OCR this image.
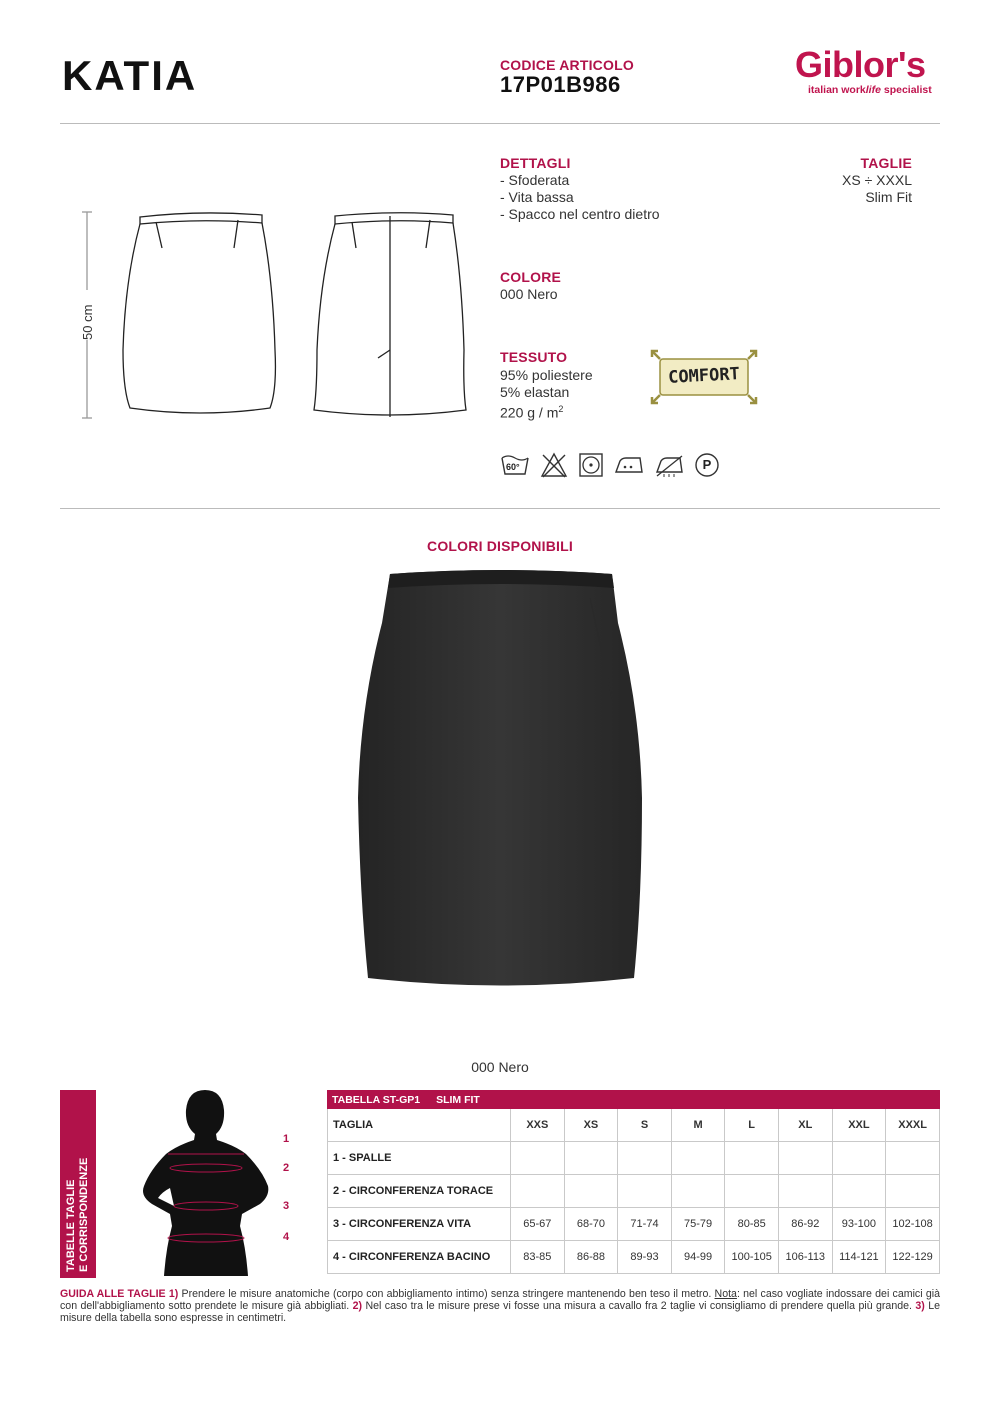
KATIA	CODICE ARTICOLO
17P01B986	Giblor's
italian worklife specialist
50 cm
DETTAGLI
- Sfoderata
- Vita bassa
- Spacco nel centro dietro
TAGLIE
XS ÷ XXXL
Slim Fit
COLORE
000 Nero
TESSUTO
95% poliestere
5% elastan
220 g / $m^2$
COMFORT
60°	P
COLORI DISPONIBILI
000 Nero
TABELLE TAGLIE E CORRISPONDENZE
1
2
3
4
TABELLA ST-GP1 SLIM FIT								
TAGLIA	XXS	XS	S	M	L	XL	XXL	XXXL
1 - SPALLE								
2 - CIRCONFERENZA TORACE								
3 - CIRCONFERENZA VITA	65-67	68-70	71-74	75-79	80-85	86-92	93-100	102-108
4 - CIRCONFERENZA BACINO	83-85	86-88	89-93	94-99	100-105	106-113	114-121	122-129
GUIDA ALLE TAGLIE 1) Prendere le misure anatomiche (corpo con abbigliamento intimo) senza stringere mantenendo ben teso il metro. Nota: nel caso vogliate indossare dei camici già con dell'abbigliamento sotto prendete le misure già abbigliati. 2) Nel caso tra le misure prese vi fosse una misura a cavallo fra 2 taglie vi consigliamo di prendere quella più grande. 3) Le misure della tabella sono espresse in centimetri.
